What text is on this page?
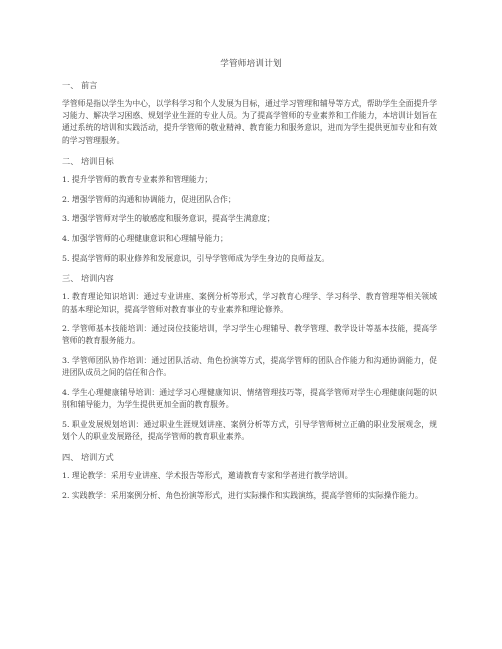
学管师培训计划

一、 前言

学管师是指以学生为中心，以学科学习和个人发展为目标，通过学习管理和辅导等方式，帮助学生全面提升学习能力、解决学习困惑、规划学业生涯的专业人员。为了提高学管师的专业素养和工作能力，本培训计划旨在通过系统的培训和实践活动，提升学管师的敬业精神、教育能力和服务意识，进而为学生提供更加专业和有效的学习管理服务。

二、 培训目标

1. 提升学管师的教育专业素养和管理能力；

2. 增强学管师的沟通和协调能力，促进团队合作；

3. 增强学管师对学生的敏感度和服务意识，提高学生满意度；

4. 加强学管师的心理健康意识和心理辅导能力；

5. 提高学管师的职业修养和发展意识，引导学管师成为学生身边的良师益友。

三、 培训内容

1. 教育理论知识培训：通过专业讲座、案例分析等形式，学习教育心理学、学习科学、教育管理等相关领域的基本理论知识，提高学管师对教育事业的专业素养和理论修养。

2. 学管师基本技能培训：通过岗位技能培训，学习学生心理辅导、教学管理、教学设计等基本技能，提高学管师的教育服务能力。

3. 学管师团队协作培训：通过团队活动、角色扮演等方式，提高学管师的团队合作能力和沟通协调能力，促进团队成员之间的信任和合作。

4. 学生心理健康辅导培训：通过学习心理健康知识、情绪管理技巧等，提高学管师对学生心理健康问题的识别和辅导能力，为学生提供更加全面的教育服务。

5. 职业发展规划培训：通过职业生涯规划讲座、案例分析等方式，引导学管师树立正确的职业发展观念，规划个人的职业发展路径，提高学管师的教育职业素养。

四、 培训方式

1. 理论教学：采用专业讲座、学术报告等形式，邀请教育专家和学者进行教学培训。

2. 实践教学：采用案例分析、角色扮演等形式，进行实际操作和实践演练，提高学管师的实际操作能力。
